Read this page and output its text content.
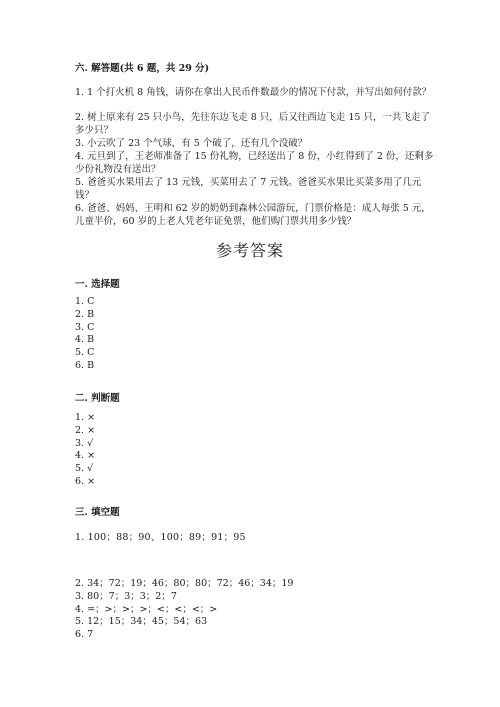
六. 解答题(共 6 题，共 29 分)
1. 1 个打火机 8 角钱，请你在拿出人民币件数最少的情况下付款，并写出如何付款？
2. 树上原来有 25 只小鸟，先往东边飞走 8 只，后又往西边飞走 15 只，一共飞走了多少只？
3. 小云吹了 23 个气球，有 5 个破了，还有几个没破？
4. 元旦到了，王老师准备了 15 份礼物，已经送出了 8 份，小红得到了 2 份，还剩多少份礼物没有送出？
5. 爸爸买水果用去了 13 元钱，买菜用去了 7 元钱。爸爸买水果比买菜多用了几元钱？
6. 爸爸、妈妈、王明和 62 岁的奶奶到森林公园游玩，门票价格是：成人每张 5 元，儿童半价，60 岁的上老人凭老年证免票，他们购门票共用多少钱？
参考答案
一. 选择题
1. C
2. B
3. C
4. B
5. C
6. B
二. 判断题
1. ×
2. ×
3. √
4. ×
5. √
6. ×
三. 填空题
1. 100；88；90、100；89；91；95
2. 34；72；19；46；80；80；72；46；34；19
3. 80；7；3；3；2；7
4. =；>；>；>；<；<；<；>
5. 12；15；34；45；54；63
6. 7
